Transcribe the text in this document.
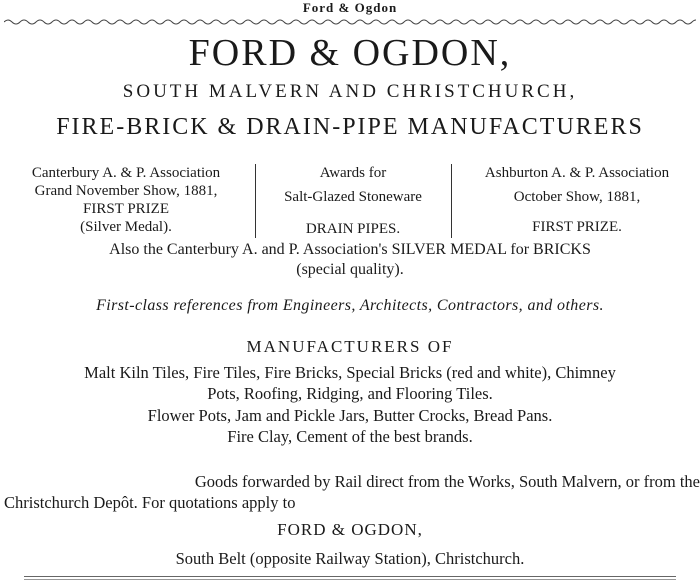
Ford & Ogdon
FORD & OGDON,
SOUTH MALVERN AND CHRISTCHURCH,
FIRE-BRICK & DRAIN-PIPE MANUFACTURERS
Canterbury A. & P. Association
Grand November Show, 1881,
FIRST PRIZE
(Silver Medal).
Awards for
Salt-Glazed Stoneware
DRAIN PIPES.
Ashburton A. & P. Association
October Show, 1881,
FIRST PRIZE.
Also the Canterbury A. and P. Association's SILVER MEDAL for BRICKS
(special quality).
First-class references from Engineers, Architects, Contractors, and others.
MANUFACTURERS OF
Malt Kiln Tiles, Fire Tiles, Fire Bricks, Special Bricks (red and white), Chimney
Pots, Roofing, Ridging, and Flooring Tiles.
Flower Pots, Jam and Pickle Jars, Butter Crocks, Bread Pans.
Fire Clay, Cement of the best brands.
Goods forwarded by Rail direct from the Works, South Malvern, or from the
Christchurch Depôt. For quotations apply to
FORD & OGDON,
South Belt (opposite Railway Station), Christchurch.
